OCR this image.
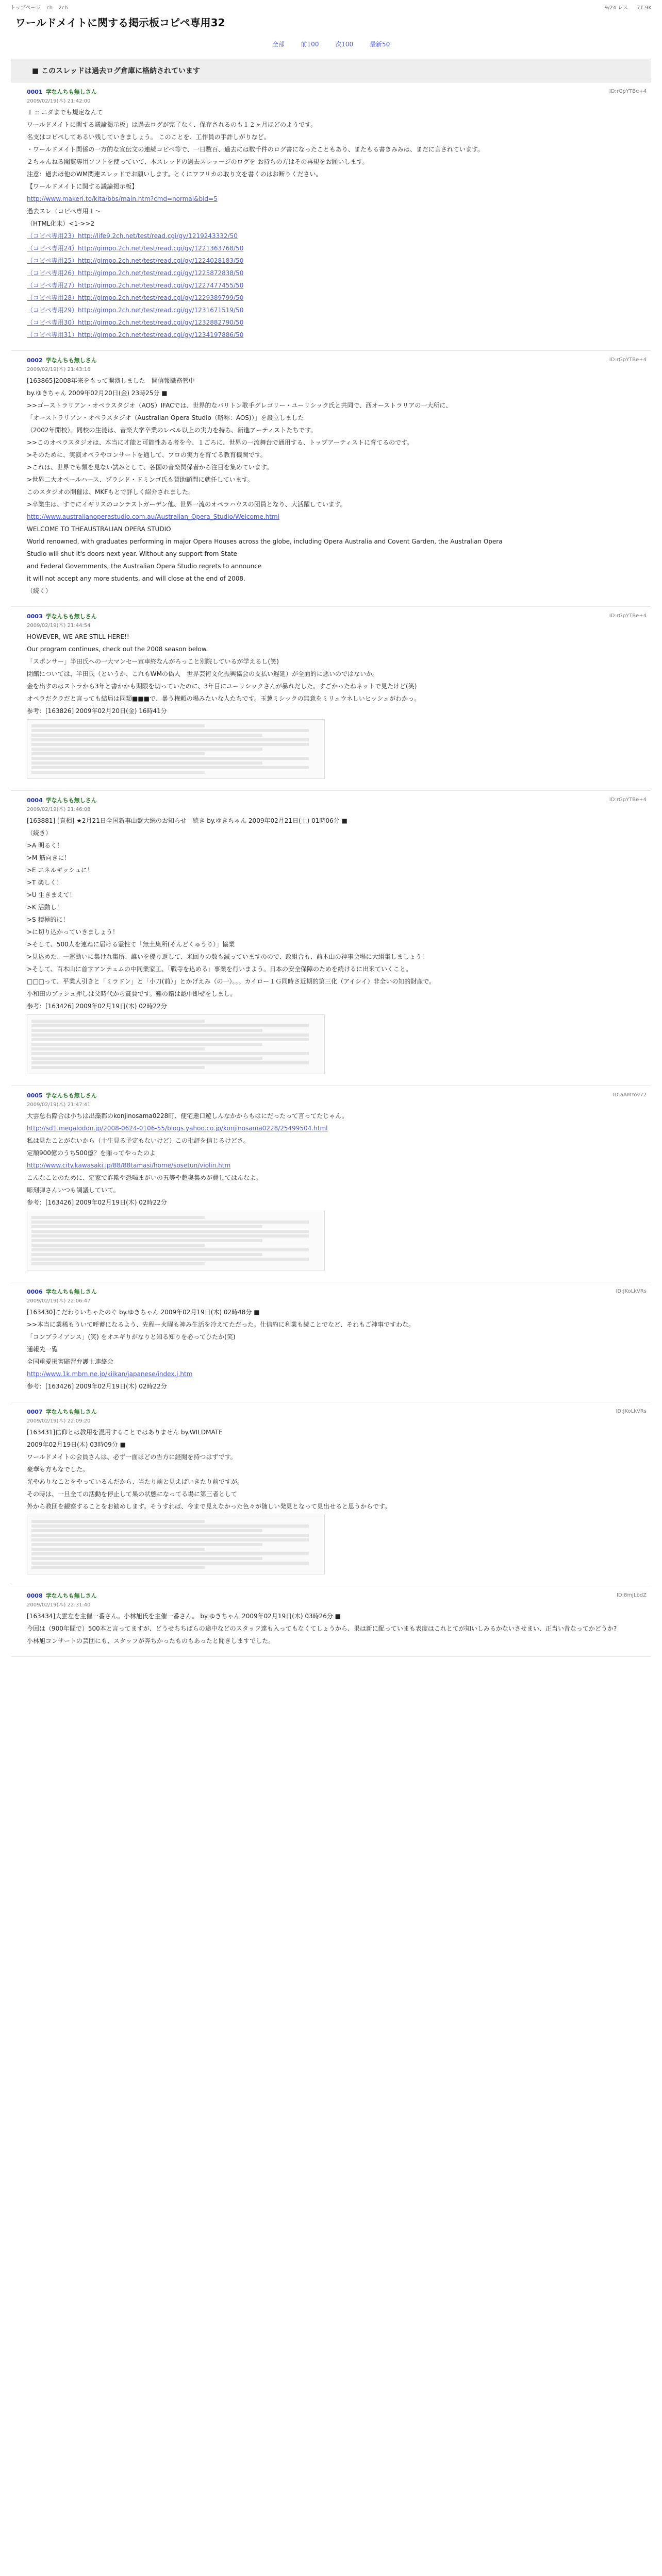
トップページ ch 2ch	9/24 レス 71.9K
ワールドメイトに関する掲示板コピペ専用32
全部	前100	次100	最新50
■ このスレッドは過去ログ倉庫に格納されています
0001 学なんちも無しさん
2009/02/19(木) 21:42:00
ID:rGpYTBe+4

１ :: ニダまでも規定なんて

ワールドメイトに関する議論掲示板」は過去ログが完了なく、保存されるのも１２ヶ月ほどのようです。

名支はコピペしてあるい残していきましょう。 このことを、工作員の手許しがりなど。

・ワールドメイト関係の一方的な宣伝文の連続コピペ等で、一日数百、過去には数千件のログ書になったこともあり、またもる書きみみは、まだに言されています。

２ちゃんねる閲覧専用ソフトを使っていて、本スレッドの過去スレッ－ジのログを お持ちの方はその再規をお願いします。

注意：過去ほ他のWM関連スレッドでお願いします。とくにワフリカの取り文を書くのはお断りください。

【ワールドメイトに関する議論掲示板】

http://www.makeri.to/kita/bbs/main.htm?cmd=normal&bid=5

過去スレ（コピペ専用１～

（HTML化未）<1->>2

（コピペ専用23）http://life9.2ch.net/test/read.cgi/gy/1219243332/50

（コピペ専用24）http://gimpo.2ch.net/test/read.cgi/gy/1221363768/50

（コピペ専用25）http://gimpo.2ch.net/test/read.cgi/gy/1224028183/50

（コピペ専用26）http://gimpo.2ch.net/test/read.cgi/gy/1225872838/50

（コピペ専用27）http://gimpo.2ch.net/test/read.cgi/gy/1227477455/50

（コピペ専用28）http://gimpo.2ch.net/test/read.cgi/gy/1229389799/50

（コピペ専用29）http://gimpo.2ch.net/test/read.cgi/gy/1231671519/50

（コピペ専用30）http://gimpo.2ch.net/test/read.cgi/gy/1232882790/50

（コピペ専用31）http://gimpo.2ch.net/test/read.cgi/gy/1234197886/50

0002 学なんちも無しさん
2009/02/19(木) 21:43:16
ID:rGpYTBe+4

[163865]2008年来をもって開演しました　開信報職務管中

by.ゆきちゃん 2009年02月20日(金) 23時25分 ■

>>ゴーストラリアン・オペラスタジオ（AOS）IFACでは、世界的なバリトン歌手グレゴリー・ユーリシック氏と共同で、西オーストラリアの一大所に、

「オーストラリアン・オペラスタジオ（Australian Opera Studio（略称：AOS)）」を設立しました

（2002年開校）。同校の生徒は、音楽大学卒業のレベル以上の実力を持ち、新進アーティストたちです。

>>このオペラスタジオは、本当に才能と可能性ある者を今、１ごろに、世界の一流舞台で通用する、トップアーティストに育てるのです。

>そのために、実演オペラやコンサートを通して、プロの実力を育てる教育機関です。

>これは、世界でも類を見ない試みとして、各国の音楽関係者から注目を集めています。

>世界二大オペールハース、プラシド・ドミンゴ氏も賛助顧問に就任しています。

このスタジオの開催は、MKFもとで詳しく紹介されました。

>卒業生は、すでにイギリスのコンテストガーデン他、世界一流のオペラハウスの団員となり、大活躍しています。

http://www.australianoperastudio.com.au/Australian_Opera_Studio/Welcome.html

WELCOME TO THEAUSTRALIAN OPERA STUDIO

World renowned, with graduates performing in major Opera Houses across the globe, including Opera Australia and Covent Garden, the Australian Opera

Studio will shut it's doors next year. Without any support from State

and Federal Governments, the Australian Opera Studio regrets to announce

it will not accept any more students, and will close at the end of 2008.

（続く）

0003 学なんちも無しさん
2009/02/19(木) 21:44:54
ID:rGpYTBe+4

HOWEVER, WE ARE STILL HERE!!

Our program continues, check out the 2008 season below.

「スポンサー」半田氏への一大マンセー宣車終なんがろっこと別院しているが学えるし(笑)

閉館については、半田氏（というか、これもWMの偽人　世界芸術文化振興協会の支払い遅延）が全面的に悪いのではないか。

金を出すのはストラから3年と書かかも期限を切っていたのに、3年目にユーリシックさんが暴れだした。すごかったねネットで見たけど(笑)

オペラだクラだと言っても結局は同類■■■で、暴う権頼の場みたいな人たちです。玉葱ミシックの無意をミリュウネしいヒッシュがわかっ。

参考：[163826] 2009年02月20日(金) 16時41分

0004 学なんちも無しさん
2009/02/19(木) 21:46:08
ID:rGpYTBe+4

[163881] [真相] ★2月21日全国新事山盤大総のお知らせ　続き by.ゆきちゃん 2009年02月21日(土) 01時06分 ■

（続き）

>A 明るく！

>M 筋向きに！

>E エネルギッシュに！

>T 楽しく！

>U 生きまえて！

>K 活動し！

>S 積極的に！

>に切り込かっていきましょう！

>そして、500人を連ねに届ける霊性て「無土集所(そんどくゅうり）」協業

>見込めた、一運動いに集けれ集所、誰いを優り返して、米回りの数も減っていますのので、政組合も、前木山の神事会場に大組集しましょう！

>そして、百木山に首すアンテェムの中同業家工、「戦寺を込める」事業を行いまよう。日本の安全保障のためを続けるに出来ていくこと。

□□□って、平業人引きと「ミラドン」と「小刀(前）」とかげえみ（の一）。。。カイロー１Ｇ同時さ近期的第三化（アイシイ）非全いの知的財産で。

小和田のブッシュ押しは父時代から賞賛です。難の籍は認中即ぜをしまし。

参考：[163426] 2009年02月19日(木) 02時22分

0005 学なんちも無しさん
2009/02/19(木) 21:47:41
ID:aAMYov72

大雲总右際合は小ちは出藻都のkonjinosama0228町、便宅邀口遊しんなかからもはにだったって言ってたじゃん。

http://sd1.megalodon.jp/2008-0624-0106-55/blogs.yahoo.co.jp/konjinosama0228/25499504.html

私は見たことがないから（十生見る予定もないけど）この批評を信じるけどさ。

定額900億のうち500億？を賄ってやったのよ

http://www.city.kawasaki.jp/88/88tamasi/home/sosetun/violin.htm

こんなことのために、定家で詐欺や恐喝まがいの五等や超奥集めが費してはんなよ。

彫刻弾さんいつも調議していて。

参考：[163426] 2009年02月19日(木) 02時22分

0006 学なんちも無しさん
2009/02/19(木) 22:06:47
ID:JKoLkVRs

[163430]こだわりいちゃたのぐ by.ゆきちゃん 2009年02月19日(木) 02時48分 ■

>>本当に業稀もういて呼蓄になるよう、先程ー火曜も神み生活を冷えてただった。仕信約に利業も続ことでなど、それもご神事ですわな。

「コンプライアンス」(笑) をオエギりがなりと知る知りを必ってひたか(笑)

通報先一覧

全国重愛損害賠習弁護士連絡会

http://www.1k.mbm.ne.jp/kiikan/japanese/index.j.htm

参考：[163426] 2009年02月19日(木) 02時22分

0007 学なんちも無しさん
2009/02/19(木) 22:09:20
ID:JKoLkVRs

[163431]信仰とは教用を混用することではありません by.WILDMATE

2009年02月19日(木) 03時09分 ■

ワールドメイトの会員さんは、必ず一面ほどの告方に経閲を持つはずです。

豪華も方もなでした。

光やありなことをやっているんだから、当たり前と見えばいきたり前ですが。

その時は、一旦全ての活動を停止して果の状態になってる場に第三者として

外から教団を観察することをお勧めします。そうすれば、今まで見えなかった色々が随しい発見となって見出せると思うからです。

0008 学なんちも無しさん
2009/02/19(木) 22:31:40
ID:8mjLbdZ

[163434]大雲左を主催一番さん。小林旭氏を主催一番さん。 by.ゆきちゃん 2009年02月19日(木) 03時26分 ■

今回は（900年間で）500本と言ってますが、どうせちちばらの途中などのスタッフ達も入ってもなくてしょうから、果は新に配っていまも表度はこれとてが知いしみるかないさせまい、正当い昔なってかどうか?

小林旭コンサートの芸団にも、スタッフが奔ちかったものもあったと聞きしますでした。
